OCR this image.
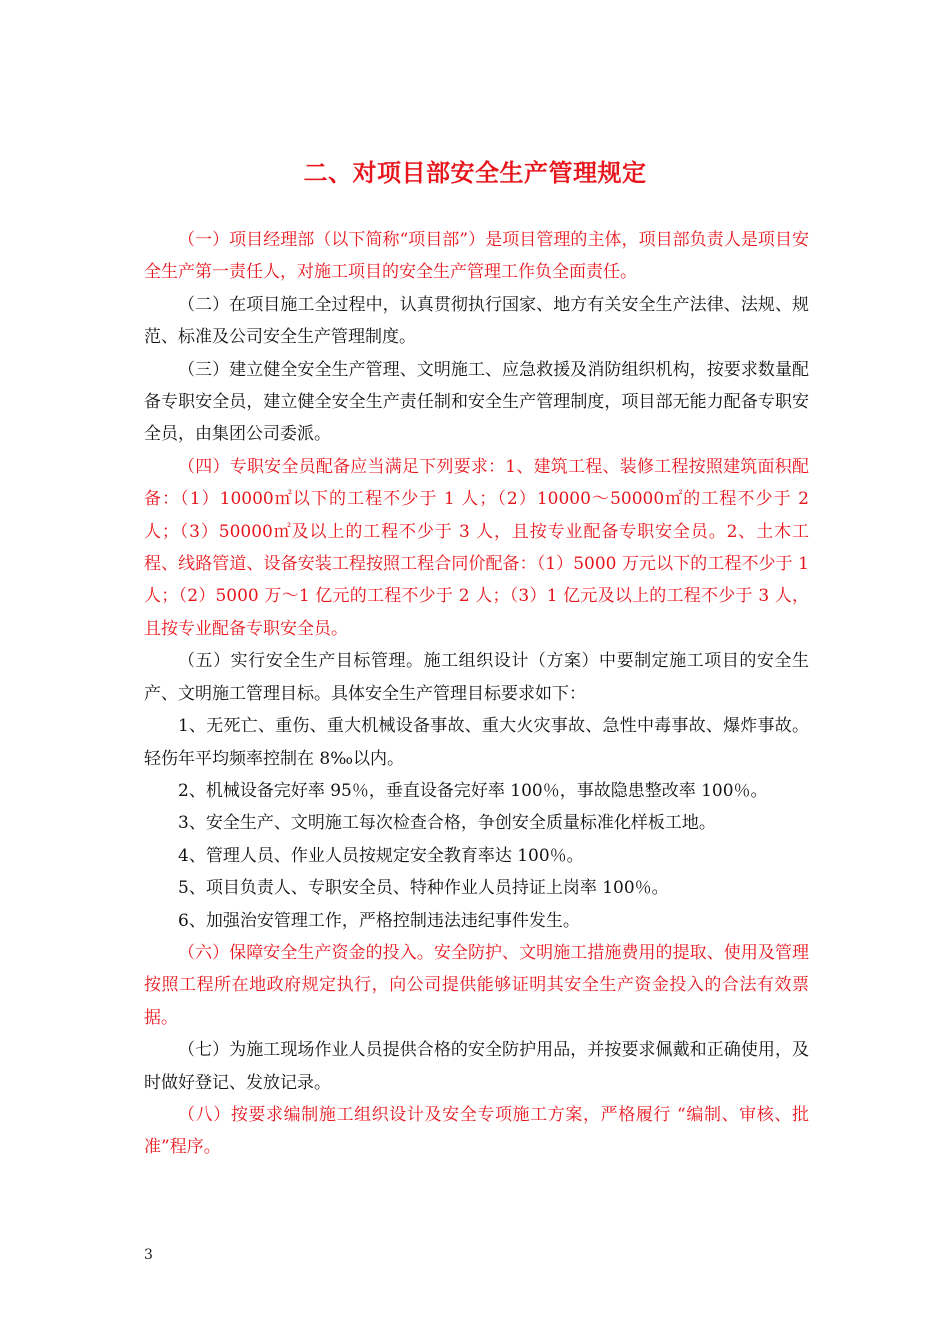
二、对项目部安全生产管理规定

（一）项目经理部（以下简称“项目部”）是项目管理的主体，项目部负责人是项目安全生产第一责任人，对施工项目的安全生产管理工作负全面责任。

（二）在项目施工全过程中，认真贯彻执行国家、地方有关安全生产法律、法规、规范、标准及公司安全生产管理制度。

（三）建立健全安全生产管理、文明施工、应急救援及消防组织机构，按要求数量配备专职安全员，建立健全安全生产责任制和安全生产管理制度，项目部无能力配备专职安全员，由集团公司委派。

（四）专职安全员配备应当满足下列要求：1、建筑工程、装修工程按照建筑面积配备：（1）10000㎡以下的工程不少于 1 人；（2）10000～50000㎡的工程不少于 2 人；（3）50000㎡及以上的工程不少于 3 人，且按专业配备专职安全员。2、土木工程、线路管道、设备安装工程按照工程合同价配备：（1）5000 万元以下的工程不少于 1 人；（2）5000 万～1 亿元的工程不少于 2 人；（3）1 亿元及以上的工程不少于 3 人，且按专业配备专职安全员。

（五）实行安全生产目标管理。施工组织设计（方案）中要制定施工项目的安全生产、文明施工管理目标。具体安全生产管理目标要求如下：

1、无死亡、重伤、重大机械设备事故、重大火灾事故、急性中毒事故、爆炸事故。轻伤年平均频率控制在 8‰以内。

2、机械设备完好率 95％，垂直设备完好率 100％，事故隐患整改率 100％。

3、安全生产、文明施工每次检查合格，争创安全质量标准化样板工地。

4、管理人员、作业人员按规定安全教育率达 100％。

5、项目负责人、专职安全员、特种作业人员持证上岗率 100％。

6、加强治安管理工作，严格控制违法违纪事件发生。

（六）保障安全生产资金的投入。安全防护、文明施工措施费用的提取、使用及管理按照工程所在地政府规定执行，向公司提供能够证明其安全生产资金投入的合法有效票据。

（七）为施工现场作业人员提供合格的安全防护用品，并按要求佩戴和正确使用，及时做好登记、发放记录。

（八）按要求编制施工组织设计及安全专项施工方案，严格履行 “编制、审核、批准”程序。

3
